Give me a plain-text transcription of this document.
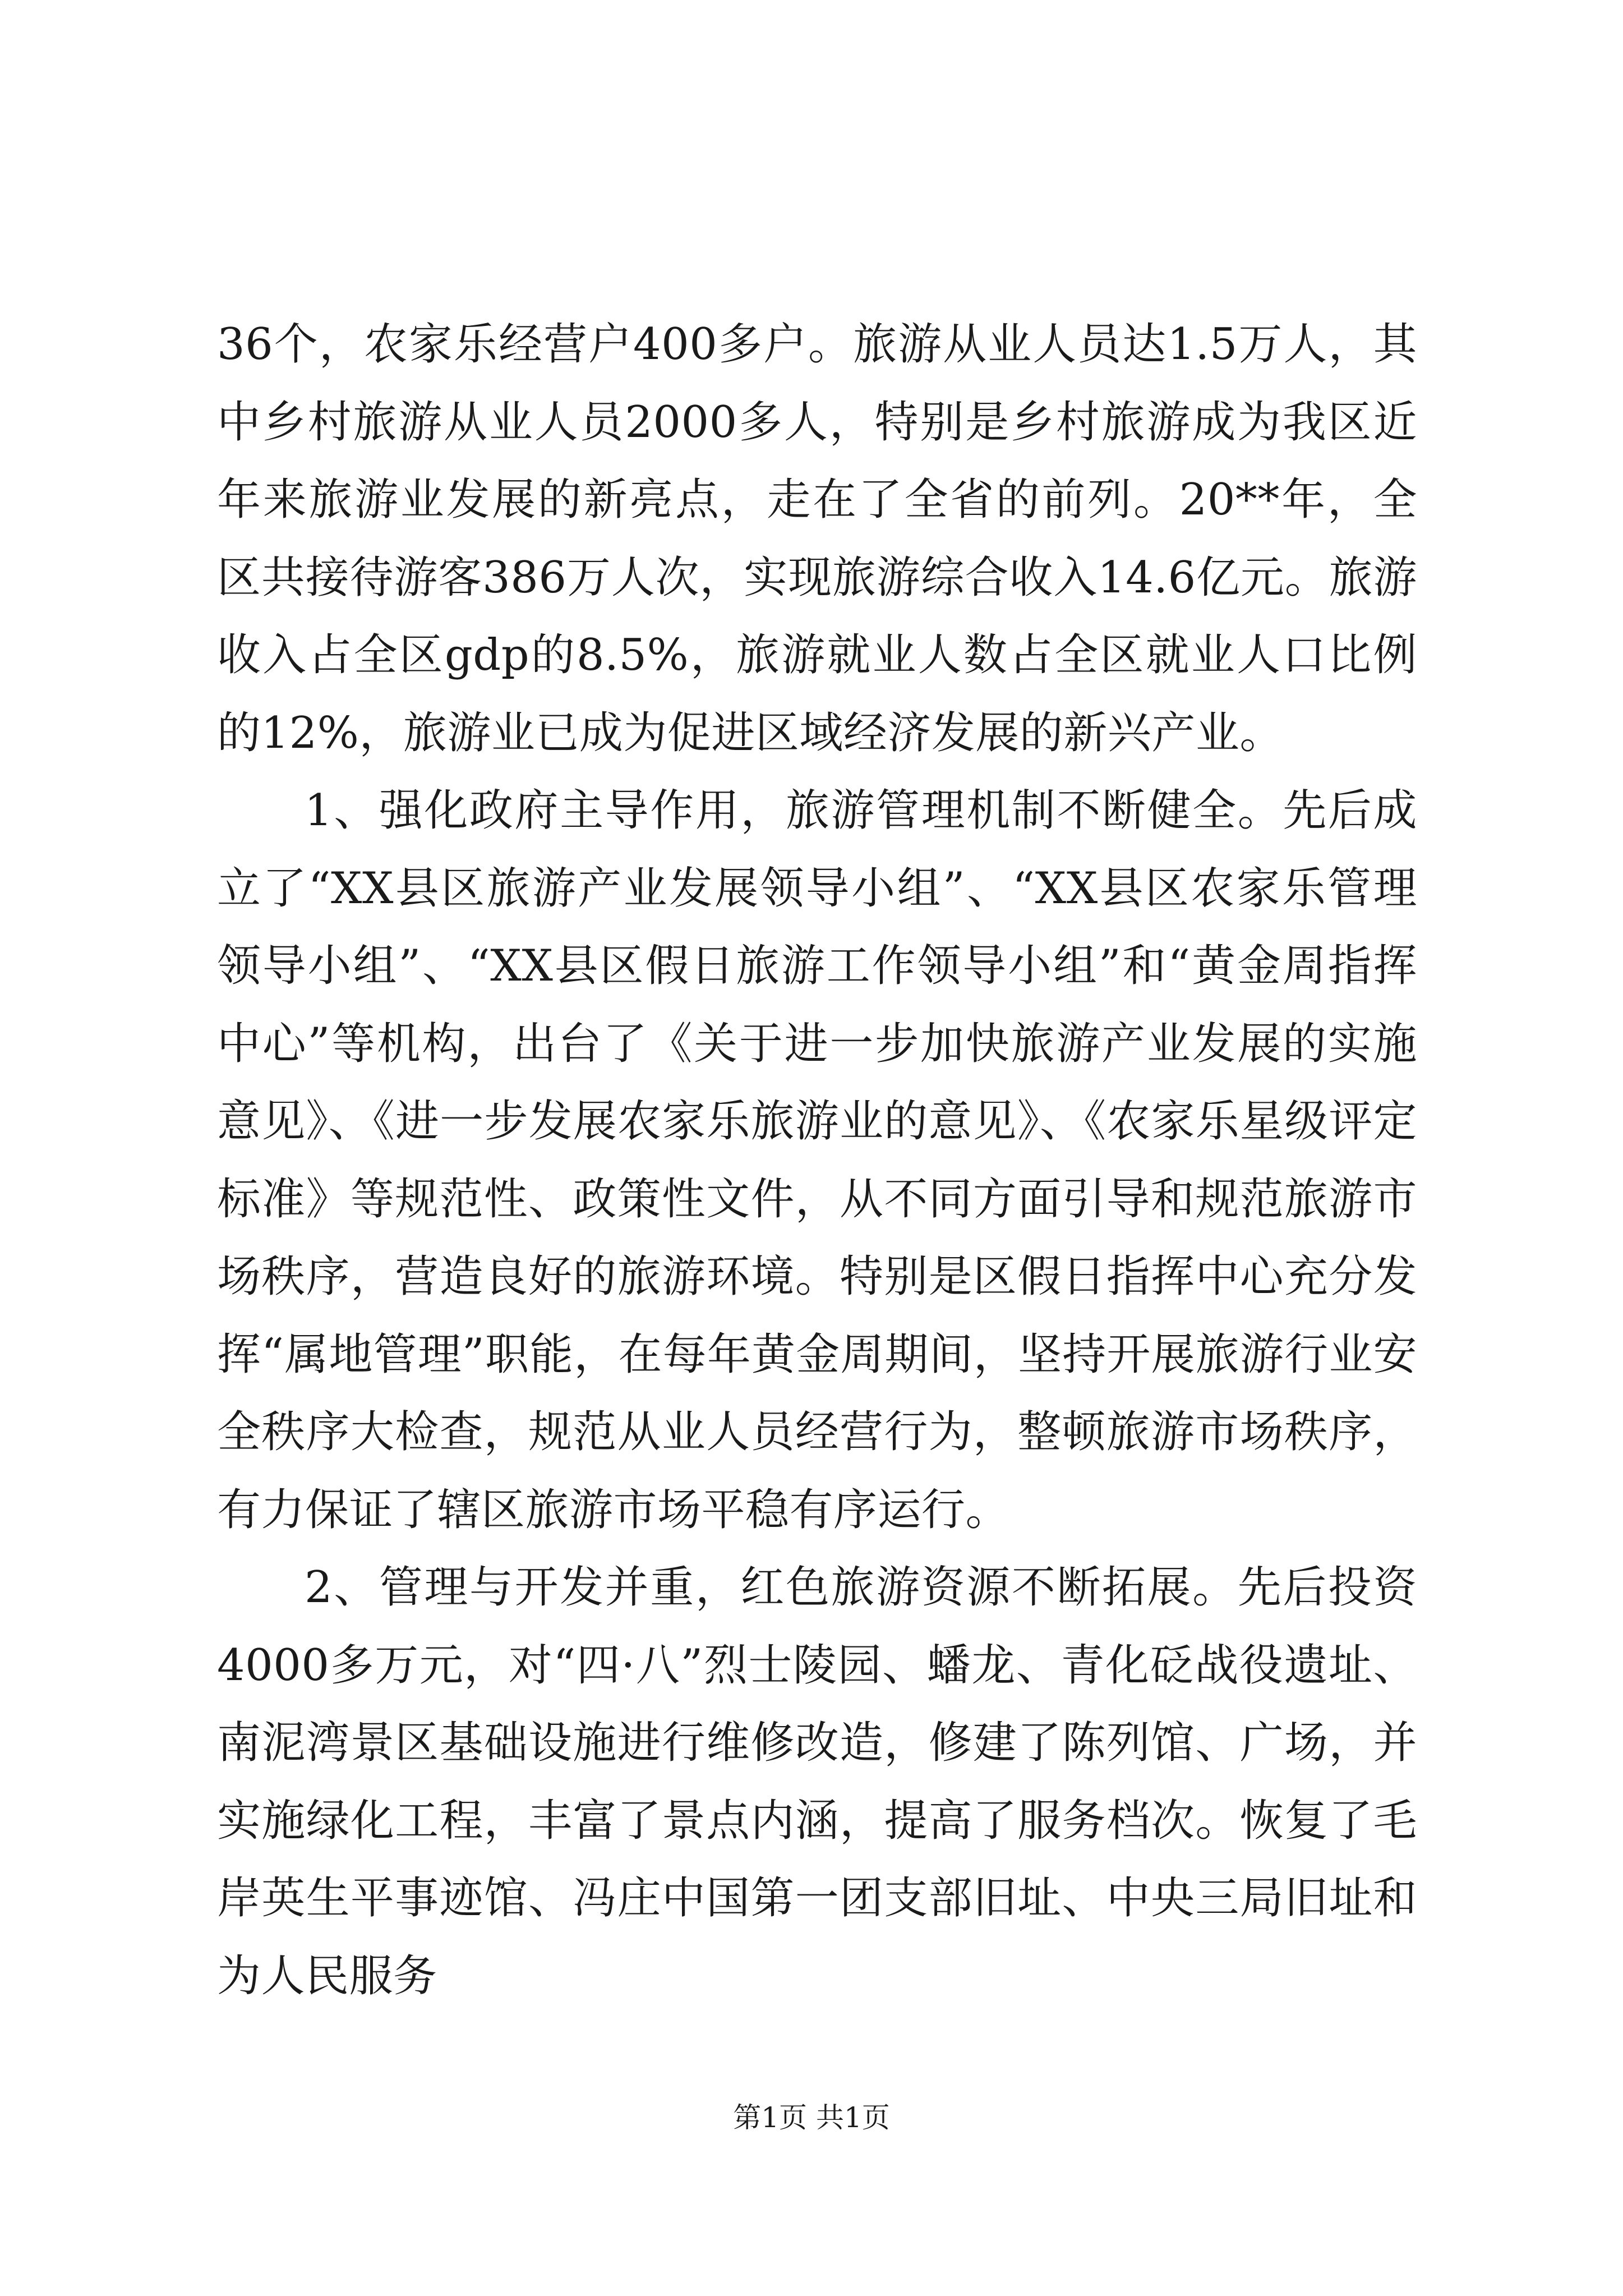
36个，农家乐经营户400多户。旅游从业人员达1.5万人，其中乡村旅游从业人员2000多人，特别是乡村旅游成为我区近年来旅游业发展的新亮点，走在了全省的前列。20**年，全区共接待游客386万人次，实现旅游综合收入14.6亿元。旅游收入占全区gdp的8.5%，旅游就业人数占全区就业人口比例的12%，旅游业已成为促进区域经济发展的新兴产业。

1、强化政府主导作用，旅游管理机制不断健全。先后成立了“XX县区旅游产业发展领导小组”、“XX县区农家乐管理领导小组”、“XX县区假日旅游工作领导小组”和“黄金周指挥中心”等机构，出台了《关于进一步加快旅游产业发展的实施意见》、《进一步发展农家乐旅游业的意见》、《农家乐星级评定标准》等规范性、政策性文件，从不同方面引导和规范旅游市场秩序，营造良好的旅游环境。特别是区假日指挥中心充分发挥“属地管理”职能，在每年黄金周期间，坚持开展旅游行业安全秩序大检查，规范从业人员经营行为，整顿旅游市场秩序，有力保证了辖区旅游市场平稳有序运行。

2、管理与开发并重，红色旅游资源不断拓展。先后投资4000多万元，对“四·八”烈士陵园、蟠龙、青化砭战役遗址、南泥湾景区基础设施进行维修改造，修建了陈列馆、广场，并实施绿化工程，丰富了景点内涵，提高了服务档次。恢复了毛岸英生平事迹馆、冯庄中国第一团支部旧址、中央三局旧址和为人民服务

第1页 共1页
